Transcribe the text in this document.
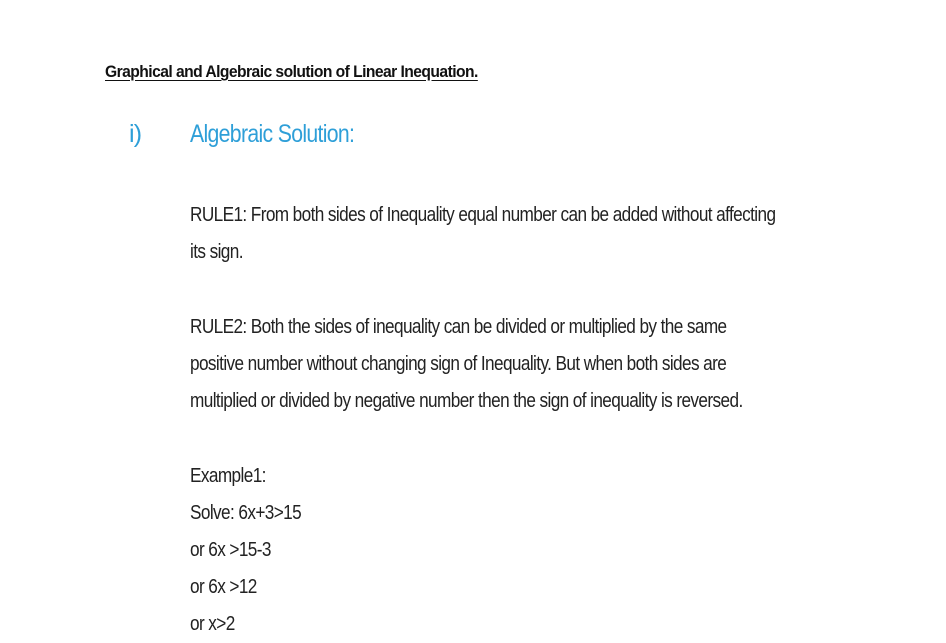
Graphical and Algebraic solution of Linear Inequation.
i) Algebraic Solution:
RULE1: From both sides of Inequality equal number can be added without affecting
its sign.
RULE2: Both the sides of inequality can be divided or multiplied by the same
positive number without changing sign of Inequality. But when both sides are
multiplied or divided by negative number then the sign of inequality is reversed.
Example1:
Solve: 6x+3>15
or 6x >15-3
or 6x >12
or x>2
